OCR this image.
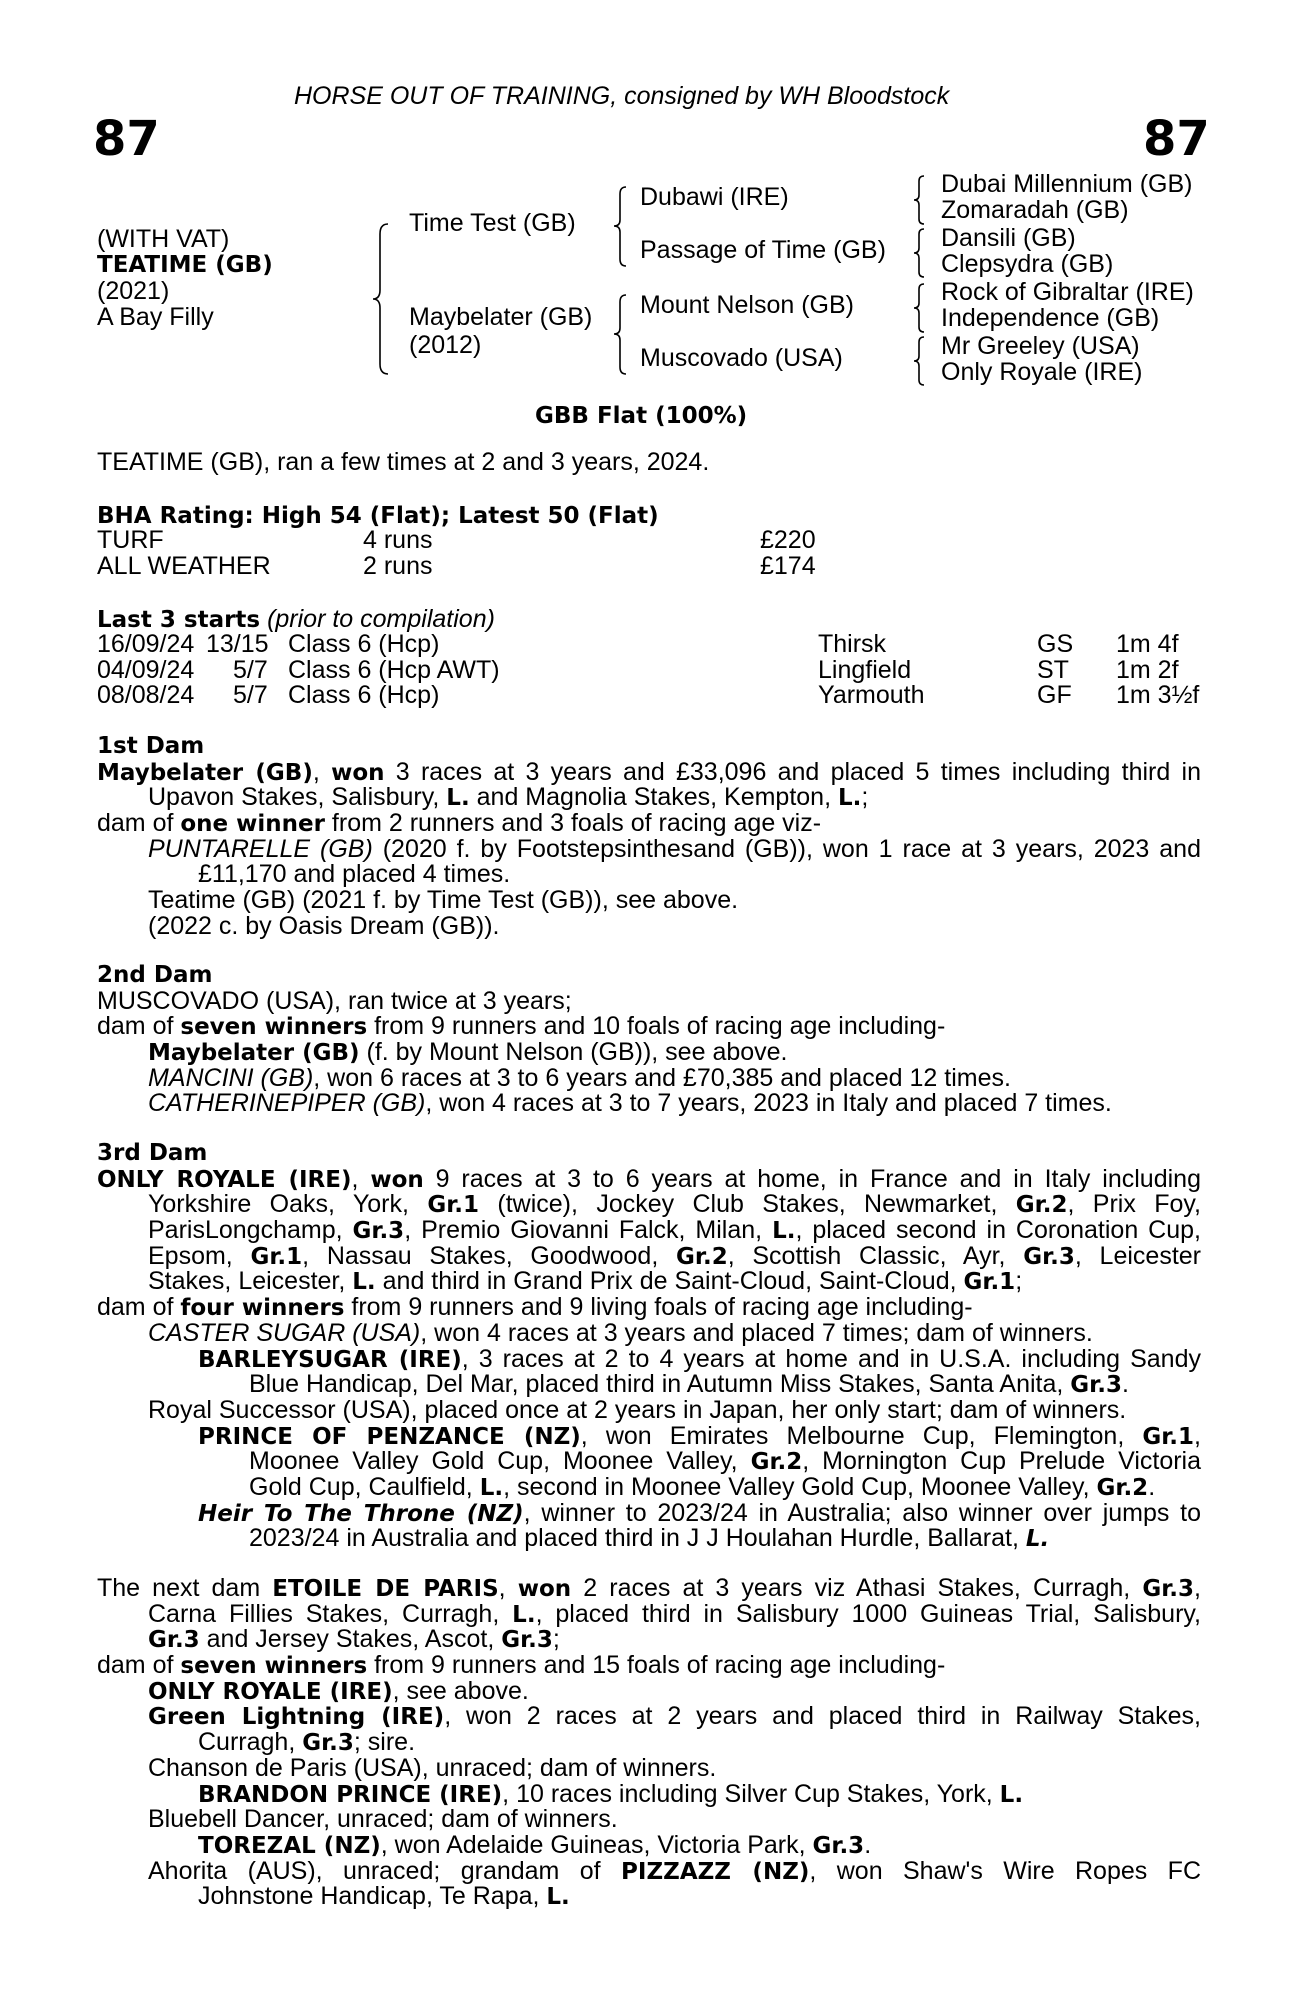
HORSE OUT OF TRAINING, consigned by WH Bloodstock
87	87
(WITH VAT)
TEATIME (GB)
(2021)
A Bay Filly
Time Test (GB)
Maybelater (GB)
(2012)
Dubawi (IRE)
Passage of Time (GB)
Mount Nelson (GB)
Muscovado (USA)
Dubai Millennium (GB)
Zomaradah (GB)
Dansili (GB)
Clepsydra (GB)
Rock of Gibraltar (IRE)
Independence (GB)
Mr Greeley (USA)
Only Royale (IRE)
GBB Flat (100%)
TEATIME (GB), ran a few times at 2 and 3 years, 2024.
BHA Rating: High 54 (Flat); Latest 50 (Flat)
TURF	4 runs	£220
ALL WEATHER	2 runs	£174
Last 3 starts (prior to compilation)
16/09/24 13/15 Class 6 (Hcp)	Thirsk	GS 1m 4f
04/09/24 5/7 Class 6 (Hcp AWT)	Lingfield	ST 1m 2f
08/08/24 5/7 Class 6 (Hcp)	Yarmouth	GF 1m 3½f
1st Dam
Maybelater (GB), won 3 races at 3 years and £33,096 and placed 5 times including third in
Upavon Stakes, Salisbury, L. and Magnolia Stakes, Kempton, L.;
dam of one winner from 2 runners and 3 foals of racing age viz-
PUNTARELLE (GB) (2020 f. by Footstepsinthesand (GB)), won 1 race at 3 years, 2023 and
£11,170 and placed 4 times.
Teatime (GB) (2021 f. by Time Test (GB)), see above.
(2022 c. by Oasis Dream (GB)).
2nd Dam
MUSCOVADO (USA), ran twice at 3 years;
dam of seven winners from 9 runners and 10 foals of racing age including-
Maybelater (GB) (f. by Mount Nelson (GB)), see above.
MANCINI (GB), won 6 races at 3 to 6 years and £70,385 and placed 12 times.
CATHERINEPIPER (GB), won 4 races at 3 to 7 years, 2023 in Italy and placed 7 times.
3rd Dam
ONLY ROYALE (IRE), won 9 races at 3 to 6 years at home, in France and in Italy including
Yorkshire Oaks, York, Gr.1 (twice), Jockey Club Stakes, Newmarket, Gr.2, Prix Foy,
ParisLongchamp, Gr.3, Premio Giovanni Falck, Milan, L., placed second in Coronation Cup,
Epsom, Gr.1, Nassau Stakes, Goodwood, Gr.2, Scottish Classic, Ayr, Gr.3, Leicester
Stakes, Leicester, L. and third in Grand Prix de Saint-Cloud, Saint-Cloud, Gr.1;
dam of four winners from 9 runners and 9 living foals of racing age including-
CASTER SUGAR (USA), won 4 races at 3 years and placed 7 times; dam of winners.
BARLEYSUGAR (IRE), 3 races at 2 to 4 years at home and in U.S.A. including Sandy
Blue Handicap, Del Mar, placed third in Autumn Miss Stakes, Santa Anita, Gr.3.
Royal Successor (USA), placed once at 2 years in Japan, her only start; dam of winners.
PRINCE OF PENZANCE (NZ), won Emirates Melbourne Cup, Flemington, Gr.1,
Moonee Valley Gold Cup, Moonee Valley, Gr.2, Mornington Cup Prelude Victoria
Gold Cup, Caulfield, L., second in Moonee Valley Gold Cup, Moonee Valley, Gr.2.
Heir To The Throne (NZ), winner to 2023/24 in Australia; also winner over jumps to
2023/24 in Australia and placed third in J J Houlahan Hurdle, Ballarat, L.
The next dam ETOILE DE PARIS, won 2 races at 3 years viz Athasi Stakes, Curragh, Gr.3,
Carna Fillies Stakes, Curragh, L., placed third in Salisbury 1000 Guineas Trial, Salisbury,
Gr.3 and Jersey Stakes, Ascot, Gr.3;
dam of seven winners from 9 runners and 15 foals of racing age including-
ONLY ROYALE (IRE), see above.
Green Lightning (IRE), won 2 races at 2 years and placed third in Railway Stakes,
Curragh, Gr.3; sire.
Chanson de Paris (USA), unraced; dam of winners.
BRANDON PRINCE (IRE), 10 races including Silver Cup Stakes, York, L.
Bluebell Dancer, unraced; dam of winners.
TOREZAL (NZ), won Adelaide Guineas, Victoria Park, Gr.3.
Ahorita (AUS), unraced; grandam of PIZZAZZ (NZ), won Shaw's Wire Ropes FC
Johnstone Handicap, Te Rapa, L.
